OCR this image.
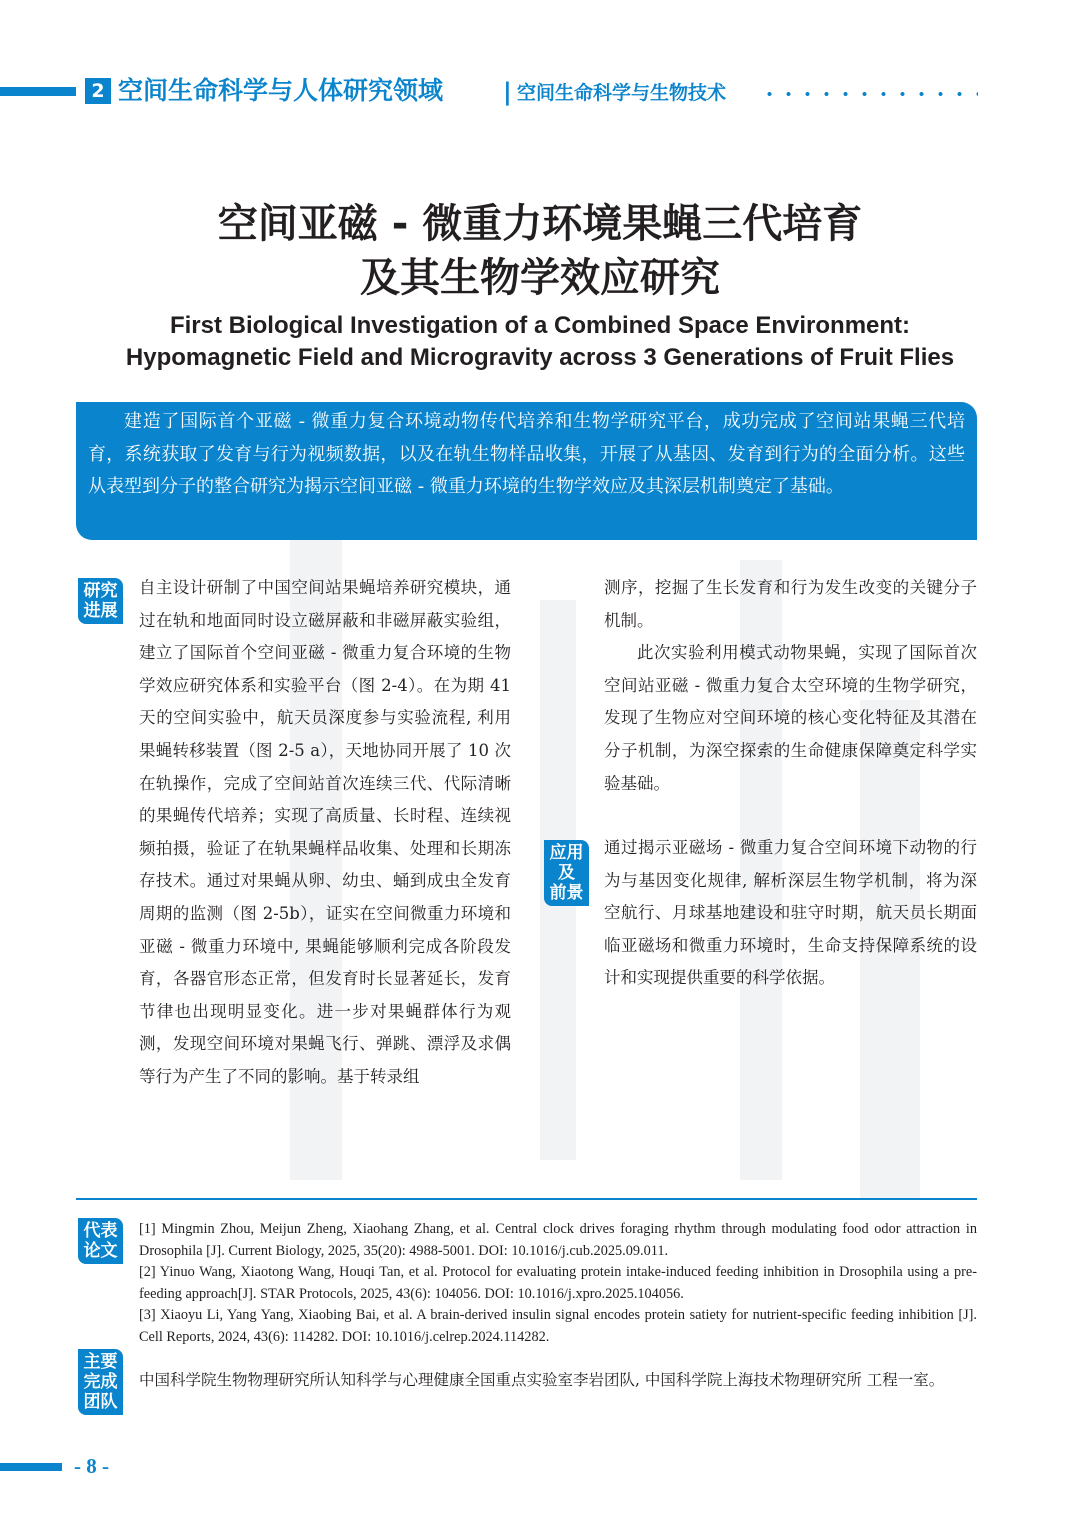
2 空间生命科学与人体研究领域 | 空间生命科学与生物技术
空间亚磁 - 微重力环境果蝇三代培育
及其生物学效应研究
First Biological Investigation of a Combined Space Environment:
Hypomagnetic Field and Microgravity across 3 Generations of Fruit Flies

建造了国际首个亚磁 - 微重力复合环境动物传代培养和生物学研究平台，成功完成了空间站果蝇三代培育，系统获取了发育与行为视频数据，以及在轨生物样品收集，开展了从基因、发育到行为的全面分析。这些从表型到分子的整合研究为揭示空间亚磁 - 微重力环境的生物学效应及其深层机制奠定了基础。

研究
进展

自主设计研制了中国空间站果蝇培养研究模块，通过在轨和地面同时设立磁屏蔽和非磁屏蔽实验组，建立了国际首个空间亚磁 - 微重力复合环境的生物学效应研究体系和实验平台（图 2-4）。在为期 41 天的空间实验中，航天员深度参与实验流程, 利用果蝇转移装置（图 2-5 a），天地协同开展了 10 次在轨操作，完成了空间站首次连续三代、代际清晰的果蝇传代培养；实现了高质量、长时程、连续视频拍摄，验证了在轨果蝇样品收集、处理和长期冻存技术。通过对果蝇从卵、幼虫、蛹到成虫全发育周期的监测（图 2-5b），证实在空间微重力环境和亚磁 - 微重力环境中, 果蝇能够顺利完成各阶段发育，各器官形态正常，但发育时长显著延长，发育节律也出现明显变化。进一步对果蝇群体行为观测，发现空间环境对果蝇飞行、弹跳、漂浮及求偶等行为产生了不同的影响。基于转录组

测序，挖掘了生长发育和行为发生改变的关键分子机制。

此次实验利用模式动物果蝇，实现了国际首次空间站亚磁 - 微重力复合太空环境的生物学研究，发现了生物应对空间环境的核心变化特征及其潜在分子机制，为深空探索的生命健康保障奠定科学实验基础。

应用
及
前景

通过揭示亚磁场 - 微重力复合空间环境下动物的行为与基因变化规律, 解析深层生物学机制，将为深空航行、月球基地建设和驻守时期，航天员长期面临亚磁场和微重力环境时，生命支持保障系统的设计和实现提供重要的科学依据。

代表
论文

[1] Mingmin Zhou, Meijun Zheng, Xiaohang Zhang, et al. Central clock drives foraging rhythm through modulating food odor attraction in Drosophila [J]. Current Biology, 2025, 35(20): 4988-5001. DOI: 10.1016/j.cub.2025.09.011.

[2] Yinuo Wang, Xiaotong Wang, Houqi Tan, et al. Protocol for evaluating protein intake-induced feeding inhibition in Drosophila using a pre-feeding approach[J]. STAR Protocols, 2025, 43(6): 104056. DOI: 10.1016/j.xpro.2025.104056.

[3] Xiaoyu Li, Yang Yang, Xiaobing Bai, et al. A brain-derived insulin signal encodes protein satiety for nutrient-specific feeding inhibition [J]. Cell Reports, 2024, 43(6): 114282. DOI: 10.1016/j.celrep.2024.114282.

主要
完成
团队
中国科学院生物物理研究所认知科学与心理健康全国重点实验室李岩团队, 中国科学院上海技术物理研究所 工程一室。
- 8 -
